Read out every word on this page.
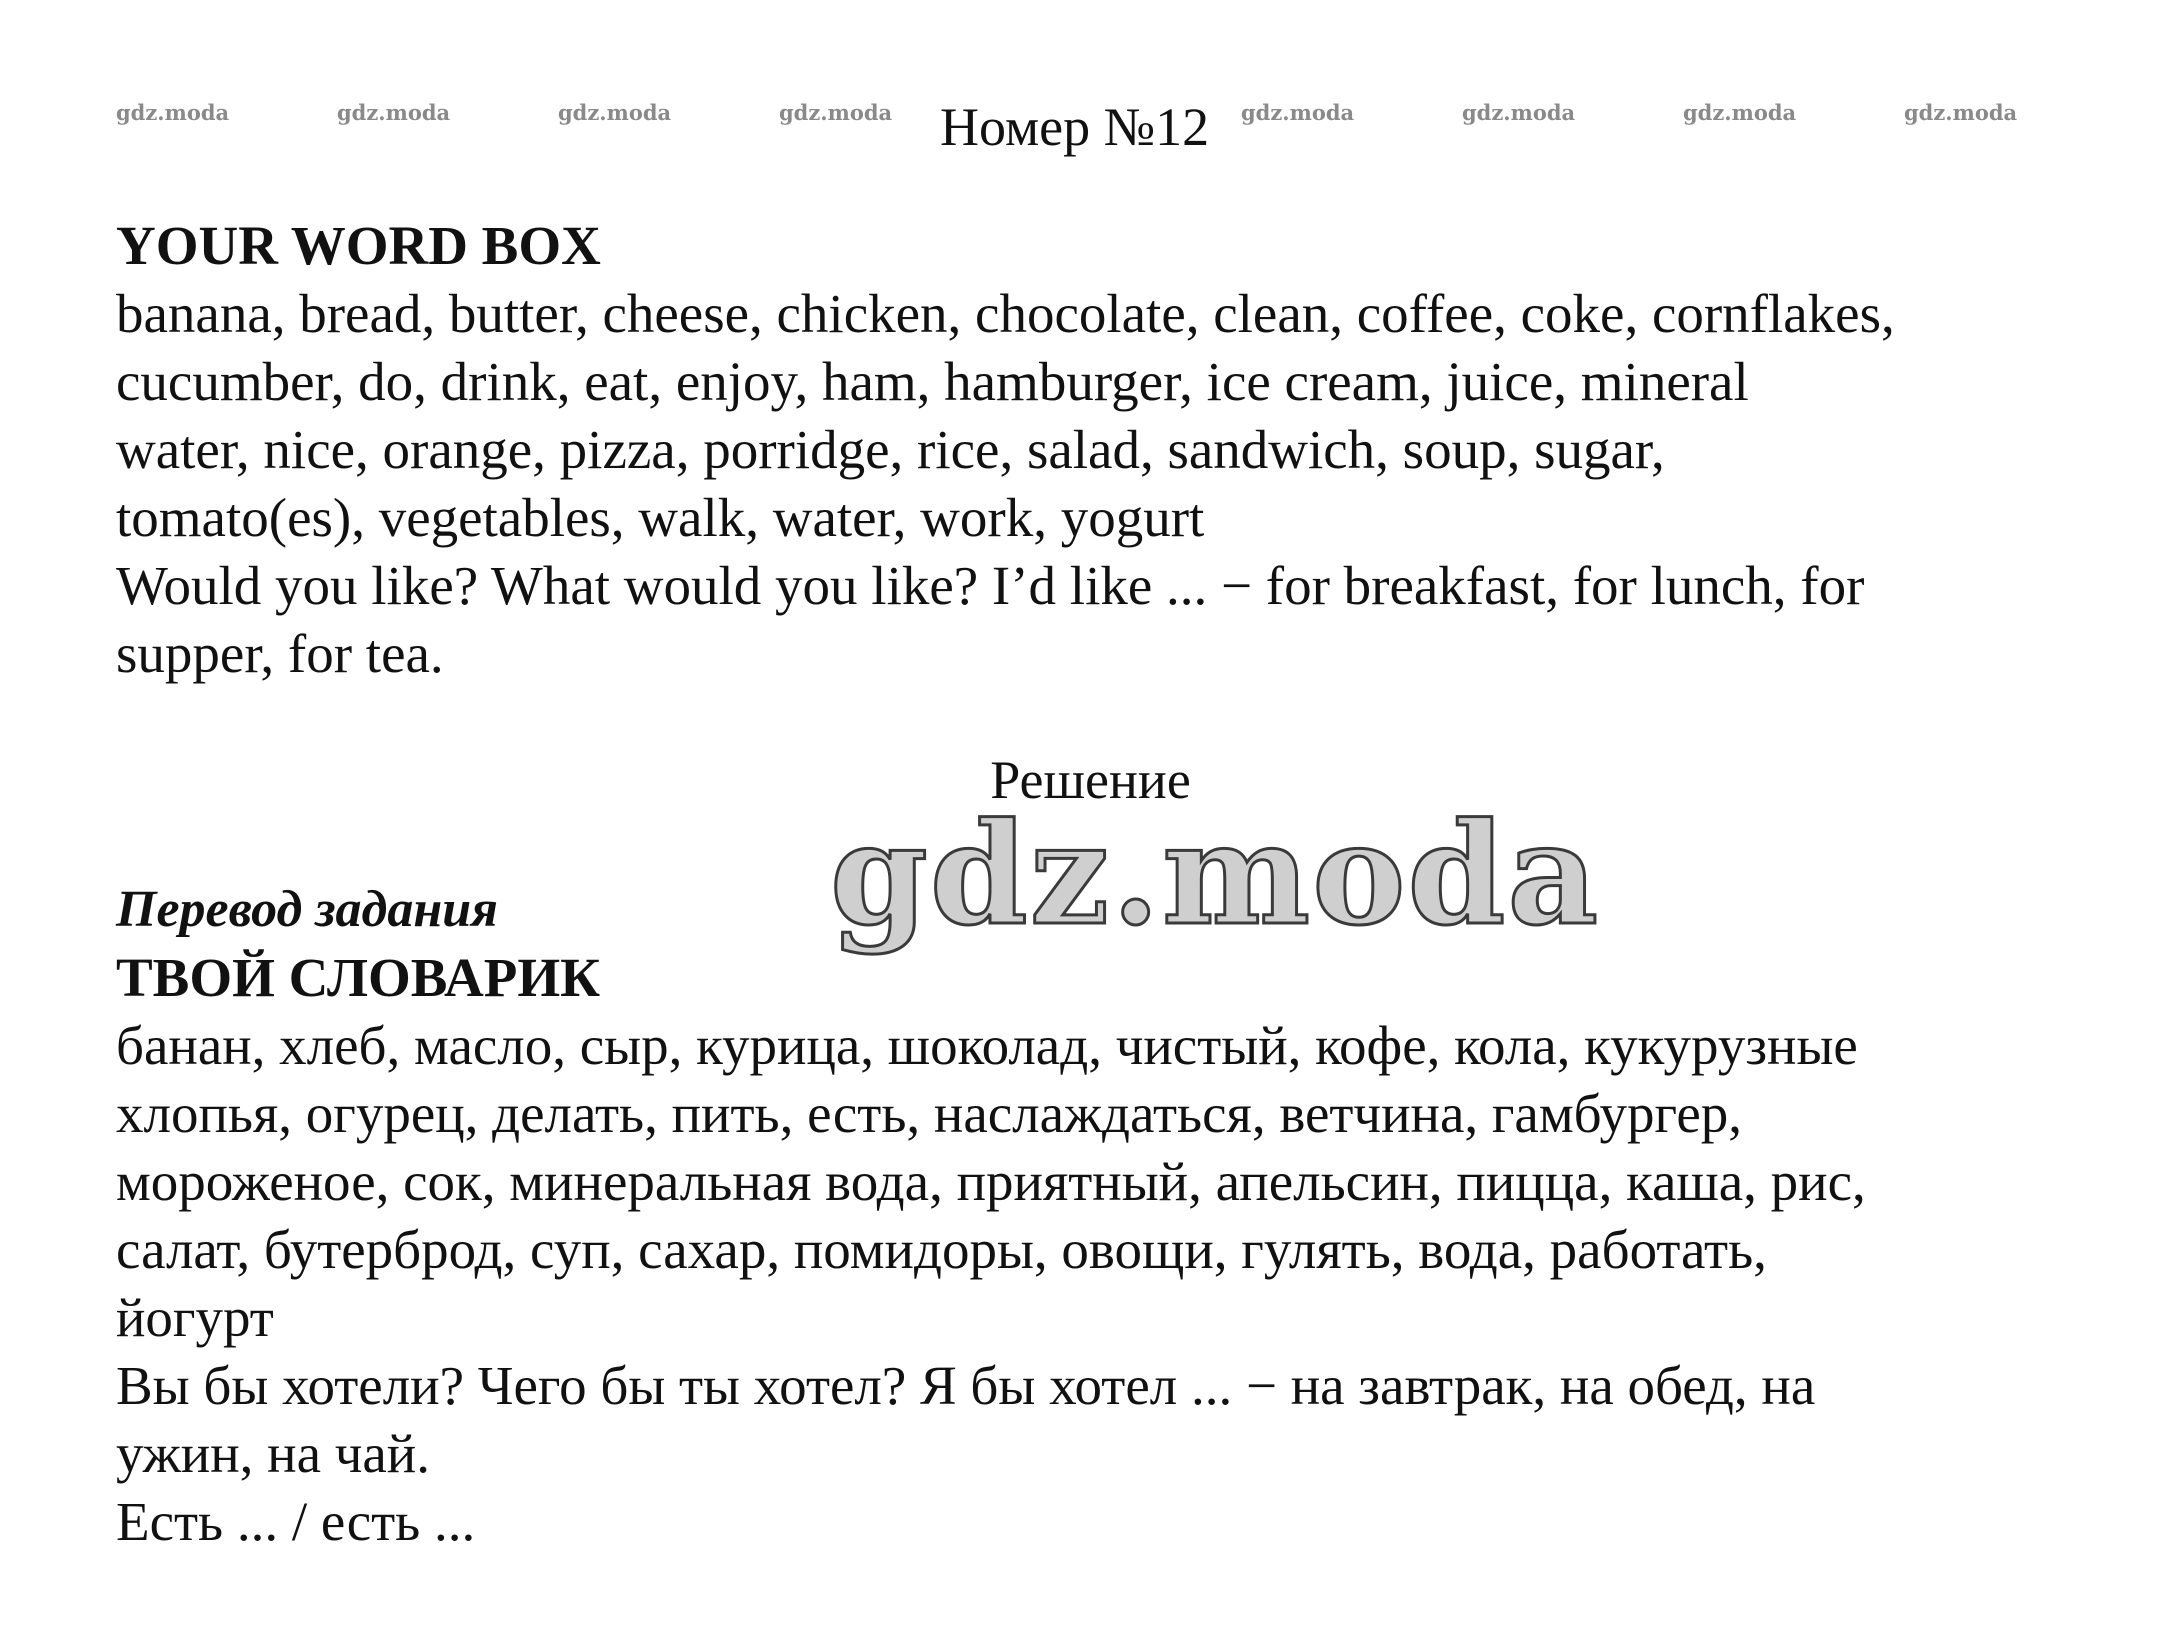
gdz.moda	gdz.moda	gdz.moda	gdz.moda	gdz.moda	gdz.moda	gdz.moda	gdz.moda
Номер №12

YOUR WORD BOX

banana, bread, butter, cheese, chicken, chocolate, clean, coffee, coke, cornflakes,

cucumber, do, drink, eat, enjoy, ham, hamburger, ice cream, juice, mineral

water, nice, orange, pizza, porridge, rice, salad, sandwich, soup, sugar,

tomato(es), vegetables, walk, water, work, yogurt

Would you like? What would you like? I’d like ... − for breakfast, for lunch, for

supper, for tea.

Решение
gdz.moda

Перевод задания

ТВОЙ СЛОВАРИК

банан, хлеб, масло, сыр, курица, шоколад, чистый, кофе, кола, кукурузные

хлопья, огурец, делать, пить, есть, наслаждаться, ветчина, гамбургер,

мороженое, сок, минеральная вода, приятный, апельсин, пицца, каша, рис,

салат, бутерброд, суп, сахар, помидоры, овощи, гулять, вода, работать,

йогурт

Вы бы хотели? Чего бы ты хотел? Я бы хотел ... − на завтрак, на обед, на

ужин, на чай.

Есть ... / есть ...
